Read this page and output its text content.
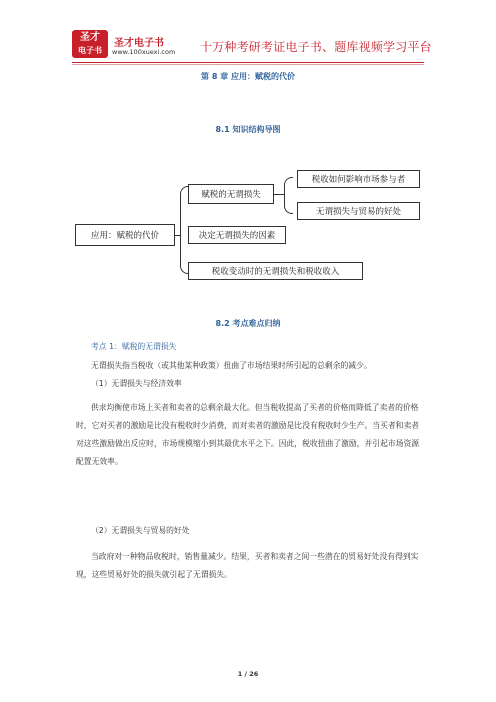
圣才
电子书
圣才电子书
www.100xuexi.com 十万种考研考证电子书、题库视频学习平台
第 8 章 应用：赋税的代价
8.1 知识结构导图
应用：赋税的代价
赋税的无谓损失
税收如何影响市场参与者
无谓损失与贸易的好处
决定无谓损失的因素
税收变动时的无谓损失和税收收入
8.2 考点难点归纳
考点 1：赋税的无谓损失

无谓损失指当税收（或其他某种政策）扭曲了市场结果时所引起的总剩余的减少。

（1）无谓损失与经济效率

供求均衡使市场上买者和卖者的总剩余最大化。但当税收提高了买者的价格而降低了卖者的价格时，它对买者的激励是比没有税收时少消费，而对卖者的激励是比没有税收时少生产。当买者和卖者对这些激励做出反应时，市场规模缩小到其最优水平之下。因此，税收扭曲了激励，并引起市场资源配置无效率。

（2）无谓损失与贸易的好处

当政府对一种物品收税时，销售量减少。结果，买者和卖者之间一些潜在的贸易好处没有得到实现，这些贸易好处的损失就引起了无谓损失。

1 / 26
